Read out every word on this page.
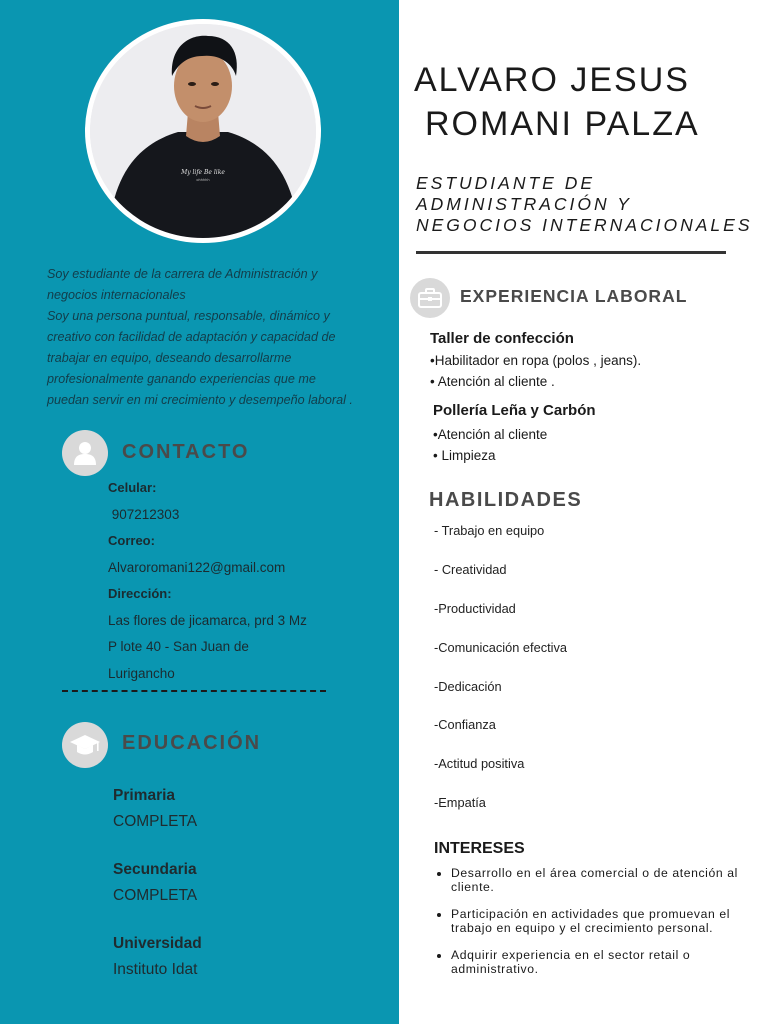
My life Be like
ohhhhh

Soy estudiante de la carrera de Administración y

negocios internacionales

Soy una persona puntual, responsable, dinámico y

creativo con facilidad de adaptación y capacidad de

trabajar en equipo, deseando desarrollarme

profesionalmente ganando experiencias que me

puedan servir en mi crecimiento y desempeño laboral .

CONTACTO
Celular:
907212303
Correo:
Alvaroromani122@gmail.com
Dirección:
Las flores de jicamarca, prd 3 Mz
P lote 40 - San Juan de
Lurigancho
EDUCACIÓN
Primaria
COMPLETA
Secundaria
COMPLETA
Universidad
Instituto Idat
ALVARO JESUS
ROMANI PALZA
ESTUDIANTE DE
ADMINISTRACIÓN Y
NEGOCIOS INTERNACIONALES
EXPERIENCIA LABORAL
Taller de confección
•Habilitador en ropa (polos , jeans).
• Atención al cliente .
Pollería Leña y Carbón
•Atención al cliente
• Limpieza
HABILIDADES
- Trabajo en equipo
- Creatividad
-Productividad
-Comunicación efectiva
-Dedicación
-Confianza
-Actitud positiva
-Empatía
INTERESES
• Desarrollo en el área comercial o de atención al cliente.
• Participación en actividades que promuevan el trabajo en equipo y el crecimiento personal.
• Adquirir experiencia en el sector retail o administrativo.
